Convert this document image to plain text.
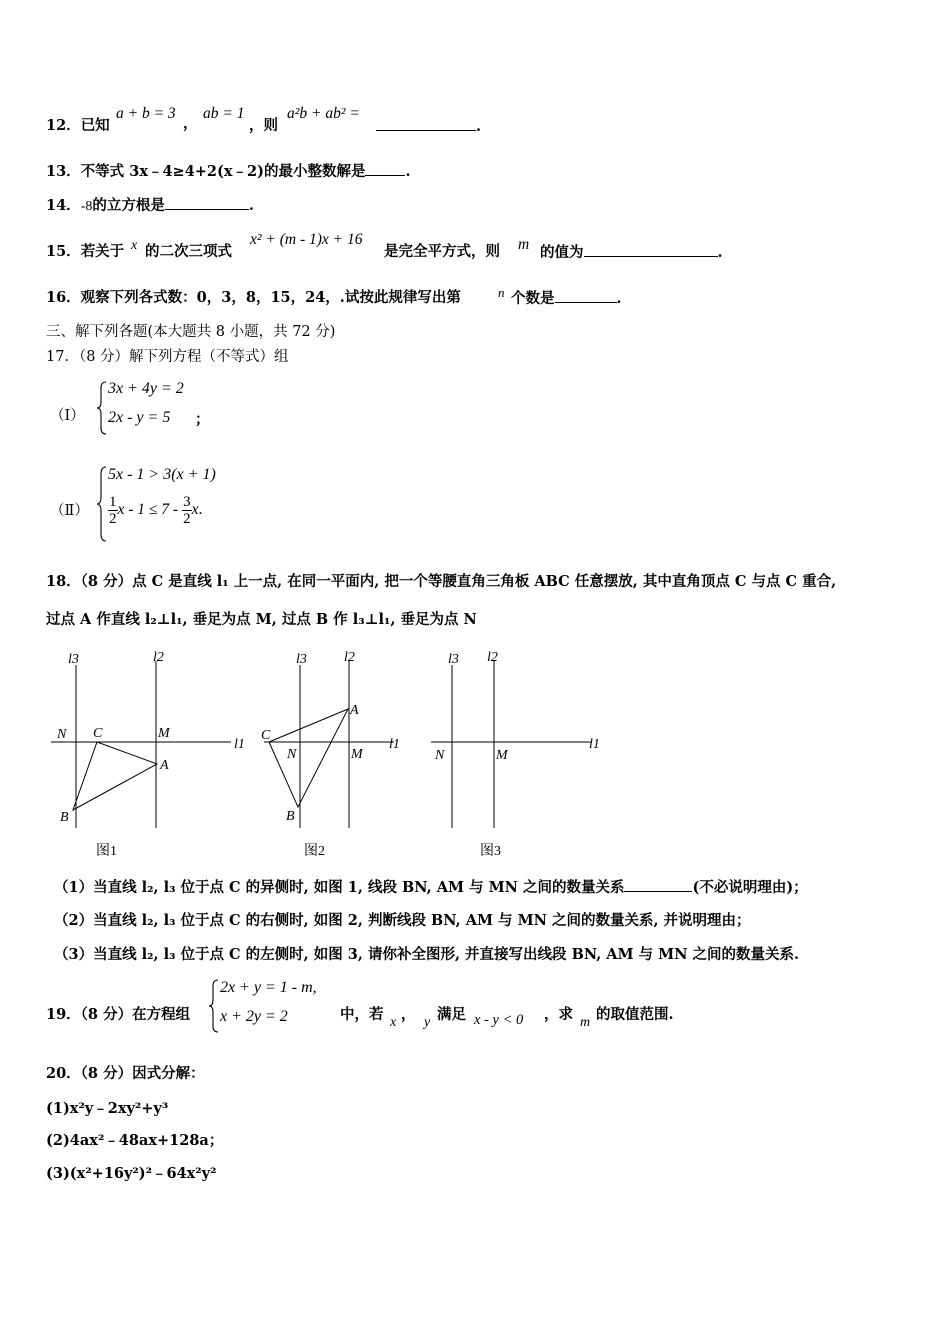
12．已知
a + b = 3
，
ab = 1
，则
a²b + ab² =
.
13．不等式 3x﹣4≥4+2(x﹣2)的最小整数解是	.
14．-8的立方根是	.
15．若关于 x 的二次三项式
x² + (m - 1)x + 16
是完全平方式，则 m 的值为	.
16．观察下列各式数：0，3，8，15，24，.试按此规律写出第	n 个数是	.
三、解下列各题(本大题共 8 小题，共 72 分)
17．（8 分）解下列方程（不等式）组
（Ⅰ）
3x + 4y = 2
2x - y = 5 ；
（Ⅱ）
5x - 1 > 3(x + 1)
$\frac{1}{2}$ $x - 1 \le 7 - \frac{3}{2} x$.
18．（8 分）点 C 是直线 l₁ 上一点, 在同一平面内, 把一个等腰直角三角板 ABC 任意摆放, 其中直角顶点 C 与点 C 重合,
过点 A 作直线 l₂⊥l₁, 垂足为点 M, 过点 B 作 l₃⊥l₁, 垂足为点 N
l3	l2
l1
N C	M
A
B
图1
l3	l2
l1
N
C
M
A
B
图2
l3 l2
l1
N	M
图3
（1）当直线 l₂, l₃ 位于点 C 的异侧时, 如图 1, 线段 BN, AM 与 MN 之间的数量关系	(不必说明理由)；
（2）当直线 l₂, l₃ 位于点 C 的右侧时, 如图 2, 判断线段 BN, AM 与 MN 之间的数量关系, 并说明理由；
（3）当直线 l₂, l₃ 位于点 C 的左侧时, 如图 3, 请你补全图形, 并直接写出线段 BN, AM 与 MN 之间的数量关系.
19．（8 分）在方程组
2x + y = 1 - m,
x + 2y = 2	中，若 x ， y 满足 x - y < 0 ，求 m 的取值范围.
20．（8 分）因式分解：
(1)x²y﹣2xy²+y³
(2)4ax²﹣48ax+128a；
(3)(x²+16y²)²﹣64x²y²
